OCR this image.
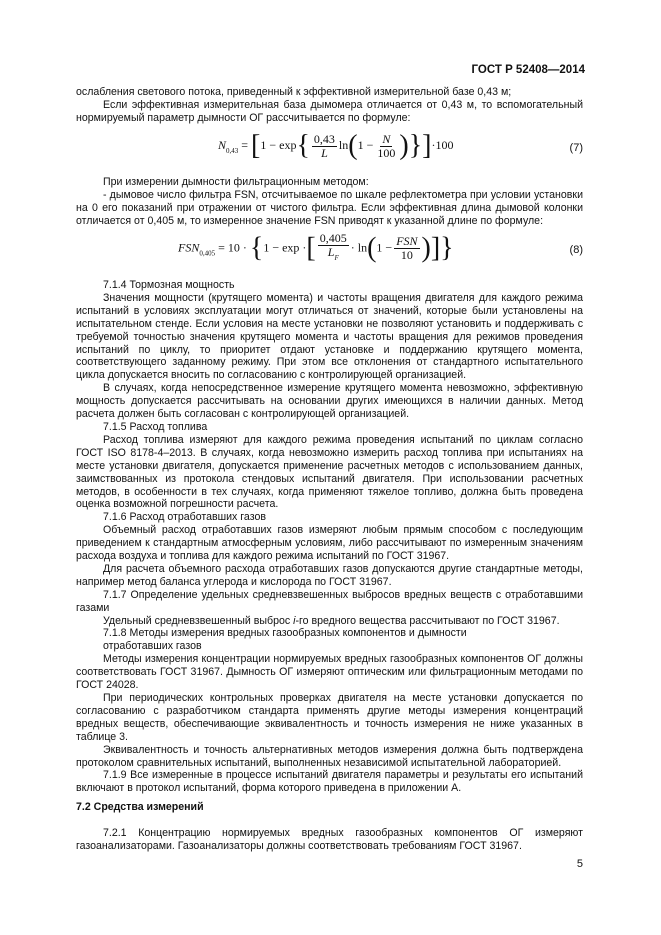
ГОСТ Р 52408—2014

ослабления светового потока, приведенный к эффективной измерительной базе 0,43 м;

Если эффективная измерительная база дымомера отличается от 0,43 м, то вспомогательный нормируемый параметр дымности ОГ рассчитывается по формуле:

$N_{0,43} = [1 - \exp\{ \frac{0,43}{L} \ln(1 - \frac{N}{100} )\}]\cdot 100$	(7)

При измерении дымности фильтрационным методом:

- дымовое число фильтра FSN, отсчитываемое по шкале рефлектометра при условии установки на 0 его показаний при отражении от чистого фильтра. Если эффективная длина дымовой колонки отличается от 0,405 м, то измеренное значение FSN приводят к указанной длине по формуле:

$FSN_{0,405} = 10 \cdot \{1 - \exp$ ·[ $\frac{0,405}{L_F} \cdot \ln(1 - \frac{\text{FSN}}{10}$ )]}	(8)

7.1.4 Тормозная мощность

Значения мощности (крутящего момента) и частоты вращения двигателя для каждого режима испытаний в условиях эксплуатации могут отличаться от значений, которые были установлены на испытательном стенде. Если условия на месте установки не позволяют установить и поддерживать с требуемой точностью значения крутящего момента и частоты вращения для режимов проведения испытаний по циклу, то приоритет отдают установке и поддержанию крутящего момента, соответствующего заданному режиму. При этом все отклонения от стандартного испытательного цикла допускается вносить по согласованию с контролирующей организацией.

В случаях, когда непосредственное измерение крутящего момента невозможно, эффективную мощность допускается рассчитывать на основании других имеющихся в наличии данных. Метод расчета должен быть согласован с контролирующей организацией.

7.1.5 Расход топлива

Расход топлива измеряют для каждого режима проведения испытаний по циклам согласно ГОСТ ISO 8178-4–2013. В случаях, когда невозможно измерить расход топлива при испытаниях на месте установки двигателя, допускается применение расчетных методов с использованием данных, заимствованных из протокола стендовых испытаний двигателя. При использовании расчетных методов, в особенности в тех случаях, когда применяют тяжелое топливо, должна быть проведена оценка возможной погрешности расчета.

7.1.6 Расход отработавших газов

Объемный расход отработавших газов измеряют любым прямым способом с последующим приведением к стандартным атмосферным условиям, либо рассчитывают по измеренным значениям расхода воздуха и топлива для каждого режима испытаний по ГОСТ 31967.

Для расчета объемного расхода отработавших газов допускаются другие стандартные методы, например метод баланса углерода и кислорода по ГОСТ 31967.

7.1.7 Определение удельных средневзвешенных выбросов вредных веществ с отработавшими газами

Удельный средневзвешенный выброс i-го вредного вещества рассчитывают по ГОСТ 31967.

7.1.8 Методы измерения вредных газообразных компонентов и дымности

отработавших газов

Методы измерения концентрации нормируемых вредных газообразных компонентов ОГ должны соответствовать ГОСТ 31967. Дымность ОГ измеряют оптическим или фильтрационным методами по ГОСТ 24028.

При периодических контрольных проверках двигателя на месте установки допускается по согласованию с разработчиком стандарта применять другие методы измерения концентраций вредных веществ, обеспечивающие эквивалентность и точность измерения не ниже указанных в таблице 3.

Эквивалентность и точность альтернативных методов измерения должна быть подтверждена протоколом сравнительных испытаний, выполненных независимой испытательной лабораторией.

7.1.9 Все измеренные в процессе испытаний двигателя параметры и результаты его испытаний включают в протокол испытаний, форма которого приведена в приложении А.

7.2 Средства измерений

7.2.1 Концентрацию нормируемых вредных газообразных компонентов ОГ измеряют газоанализаторами. Газоанализаторы должны соответствовать требованиям ГОСТ 31967.

5
